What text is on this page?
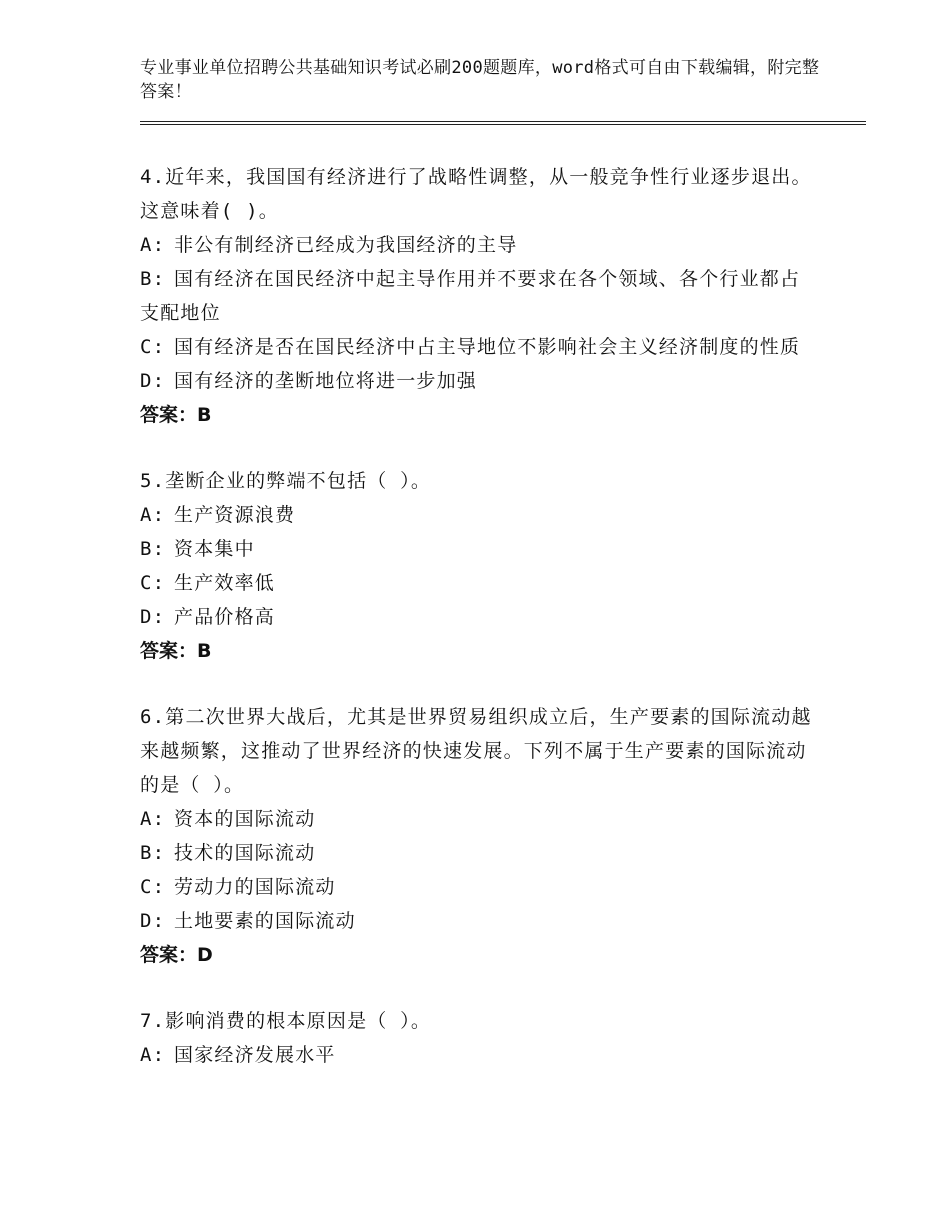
专业事业单位招聘公共基础知识考试必刷200题题库，word格式可自由下载编辑，附完整答案！
4.近年来，我国国有经济进行了战略性调整，从一般竞争性行业逐步退出。这意味着( )。
A: 非公有制经济已经成为我国经济的主导
B: 国有经济在国民经济中起主导作用并不要求在各个领域、各个行业都占支配地位
C: 国有经济是否在国民经济中占主导地位不影响社会主义经济制度的性质
D: 国有经济的垄断地位将进一步加强
答案：B
5.垄断企业的弊端不包括（ ）。
A: 生产资源浪费
B: 资本集中
C: 生产效率低
D: 产品价格高
答案：B
6.第二次世界大战后，尤其是世界贸易组织成立后，生产要素的国际流动越来越频繁，这推动了世界经济的快速发展。下列不属于生产要素的国际流动的是（ ）。
A: 资本的国际流动
B: 技术的国际流动
C: 劳动力的国际流动
D: 土地要素的国际流动
答案：D
7.影响消费的根本原因是（ ）。
A: 国家经济发展水平
